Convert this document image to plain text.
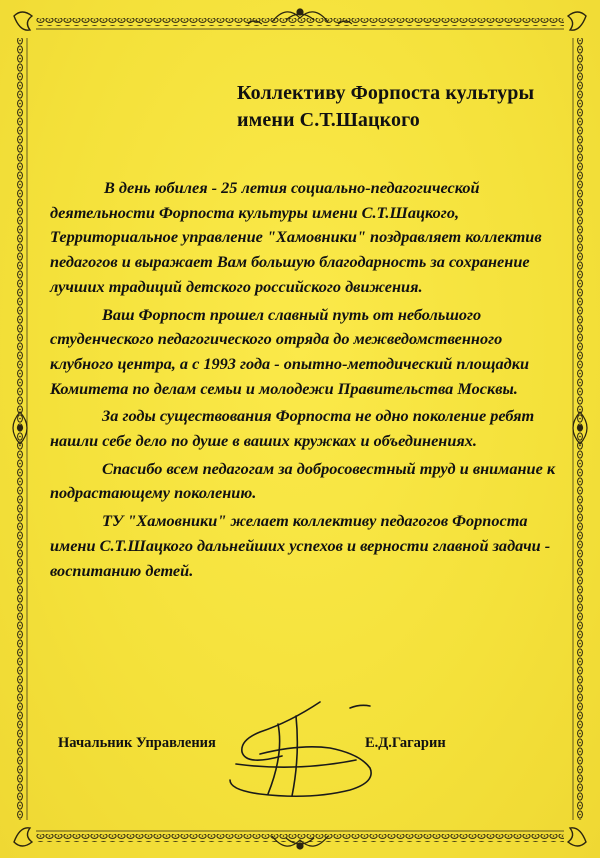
Коллективу Форпоста культуры
имени С.Т.Шацкого

В день юбилея - 25 летия социально-педагогической деятельности Форпоста культуры имени С.Т.Шацкого, Территориальное управление "Хамовники" поздравляет коллектив педагогов и выражает Вам большую благодарность за сохранение лучших традиций детского российского движения.

Ваш Форпост прошел славный путь от небольшого студенческого педагогического отряда до межведомственного клубного центра, а с 1993 года - опытно-методический площадки Комитета по делам семьи и молодежи Правительства Москвы.

За годы существования Форпоста не одно поколение ребят нашли себе дело по душе в ваших кружках и объединениях.

Спасибо всем педагогам за добросовестный труд и внимание к подрастающему поколению.

ТУ "Хамовники" желает коллективу педагогов Форпоста имени С.Т.Шацкого дальнейших успехов и верности главной задачи - воспитанию детей.

Начальник Управления	Е.Д.Гагарин
